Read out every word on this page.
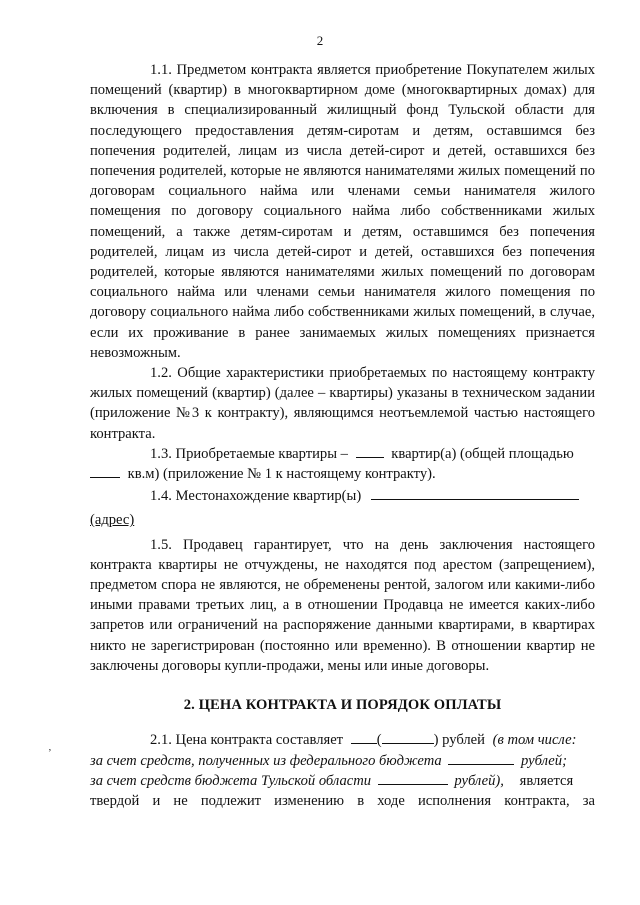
2
‚

1.1. Предметом контракта является приобретение Покупателем жилых помещений (квартир) в многоквартирном доме (многоквартирных домах) для включения в специализированный жилищный фонд Тульской области для последующего предоставления детям-сиротам и детям, оставшимся без попечения родителей, лицам из числа детей-сирот и детей, оставшихся без попечения родителей, которые не являются нанимателями жилых помещений по договорам социального найма или членами семьи нанимателя жилого помещения по договору социального найма либо собственниками жилых помещений, а также детям-сиротам и детям, оставшимся без попечения родителей, лицам из числа детей-сирот и детей, оставшихся без попечения родителей, которые являются нанимателями жилых помещений по договорам социального найма или членами семьи нанимателя жилого помещения по договору социального найма либо собственниками жилых помещений, в случае, если их проживание в ранее занимаемых жилых помещениях признается невозможным.

1.2. Общие характеристики приобретаемых по настоящему контракту жилых помещений (квартир) (далее – квартиры) указаны в техническом задании (приложение №3 к контракту), являющимся неотъемлемой частью настоящего контракта.

1.3. Приобретаемые квартиры –	квартир(а) (общей площадью
кв.м) (приложение № 1 к настоящему контракту).
1.4. Местонахождение квартир(ы)
(адрес)

1.5. Продавец гарантирует, что на день заключения настоящего контракта квартиры не отчуждены, не находятся под арестом (запрещением), предметом спора не являются, не обременены рентой, залогом или какими-либо иными правами третьих лиц, а в отношении Продавца не имеется каких-либо запретов или ограничений на распоряжение данными квартирами, в квартирах никто не зарегистрирован (постоянно или временно). В отношении квартир не заключены договоры купли-продажи, мены или иные договоры.

2. ЦЕНА КОНТРАКТА И ПОРЯДОК ОПЛАТЫ
2.1. Цена контракта составляет (	) рублей (в том числе:
за счет средств, полученных из федерального бюджета	рублей;
за счет средств бюджета Тульской области	рублей), является

твердой и не подлежит изменению в ходе исполнения контракта, за
